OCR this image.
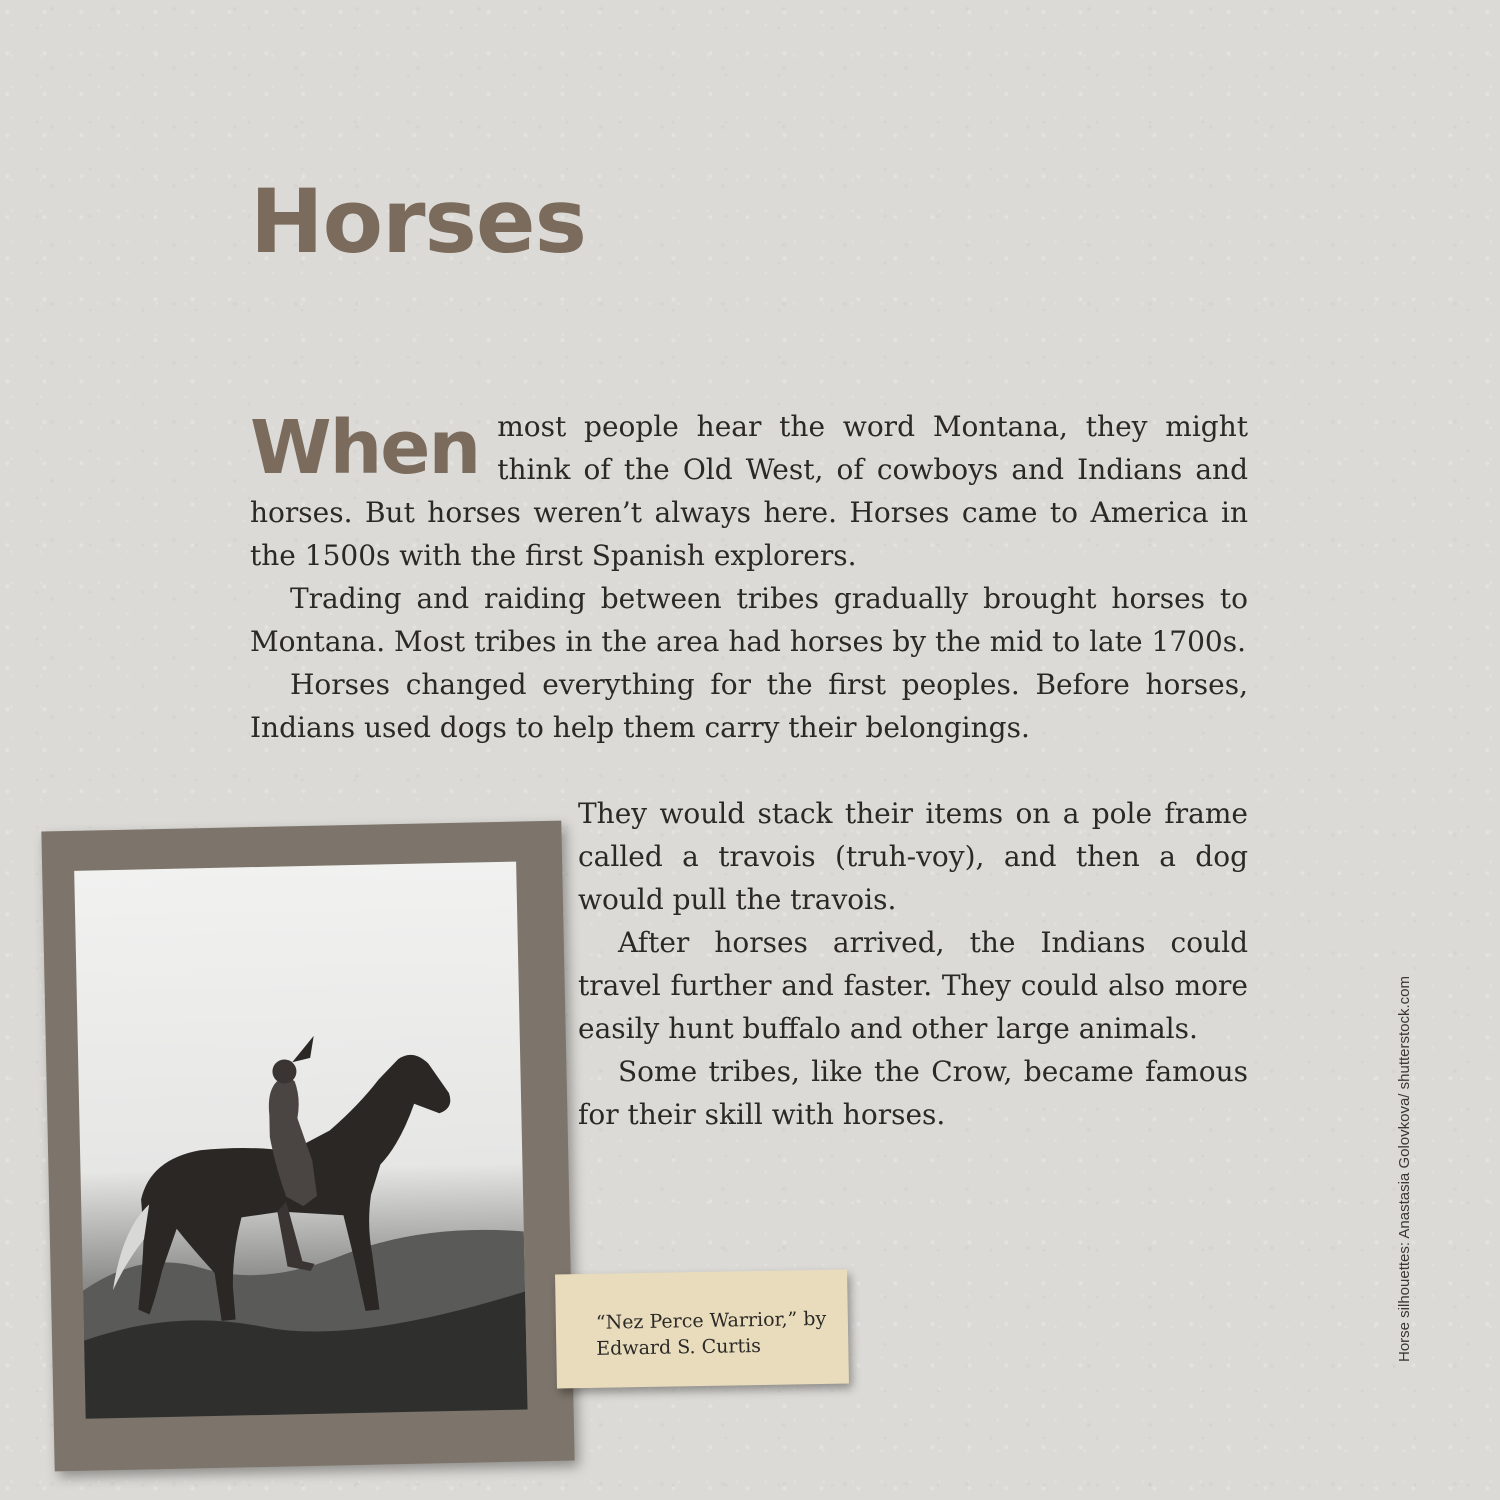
Horses

When most people hear the word Montana, they might think of the Old West, of cowboys and Indians and horses. But horses weren’t always here. Horses came to America in the 1500s with the first Spanish explorers.

Trading and raiding between tribes gradually brought horses to Montana. Most tribes in the area had horses by the mid to late 1700s.

Horses changed everything for the first peoples. Before horses, Indians used dogs to help them carry their belongings.

They would stack their items on a pole frame called a travois (truh-voy), and then a dog would pull the travois.

After horses arrived, the Indians could travel further and faster. They could also more easily hunt buffalo and other large animals.

Some tribes, like the Crow, became famous for their skill with horses.

“Nez Perce Warrior,” by Edward S. Curtis	Horse silhouettes: Anastasia Golovkova/ shutterstock.com
